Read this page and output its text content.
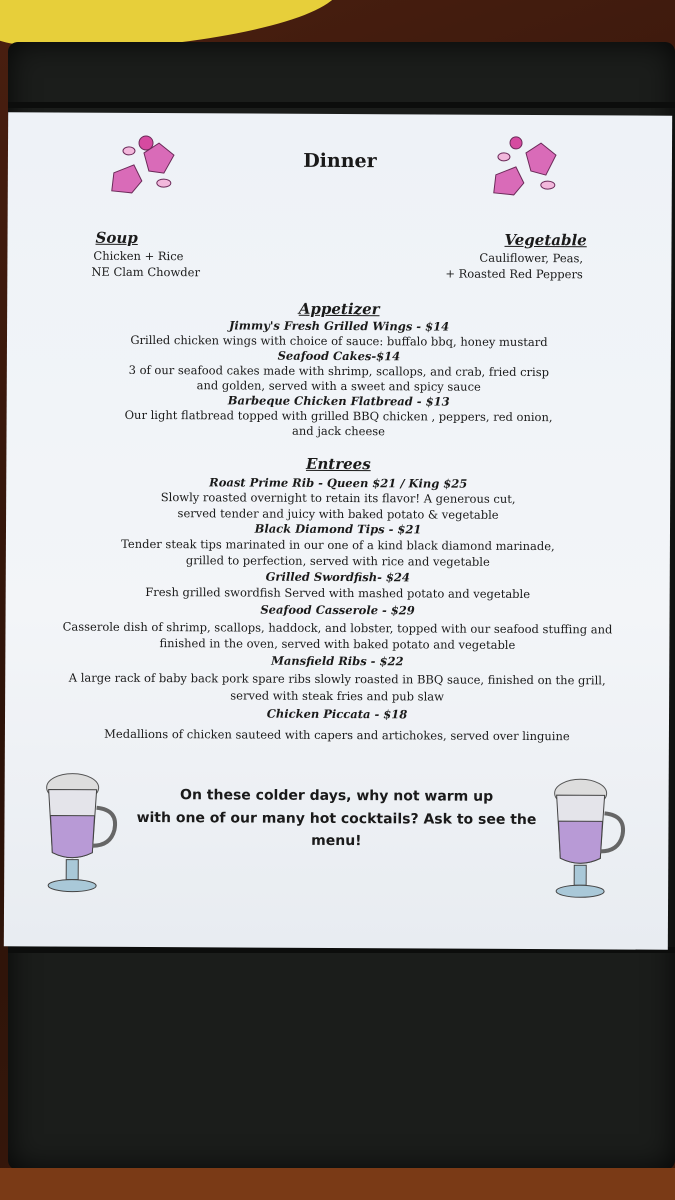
Dinner
Soup
Chicken + Rice
NE Clam Chowder
Vegetable
Cauliflower, Peas,
+ Roasted Red Peppers
Appetizer
Jimmy's Fresh Grilled Wings - $14
Grilled chicken wings with choice of sauce: buffalo bbq, honey mustard
Seafood Cakes-$14
3 of our seafood cakes made with shrimp, scallops, and crab, fried crisp
and golden, served with a sweet and spicy sauce
Barbeque Chicken Flatbread - $13
Our light flatbread topped with grilled BBQ chicken , peppers, red onion,
and jack cheese
Entrees
Roast Prime Rib - Queen $21 / King $25
Slowly roasted overnight to retain its flavor! A generous cut,
served tender and juicy with baked potato & vegetable
Black Diamond Tips - $21
Tender steak tips marinated in our one of a kind black diamond marinade,
grilled to perfection, served with rice and vegetable
Grilled Swordfish- $24
Fresh grilled swordfish Served with mashed potato and vegetable
Seafood Casserole - $29
Casserole dish of shrimp, scallops, haddock, and lobster, topped with our seafood stuffing and
finished in the oven, served with baked potato and vegetable
Mansfield Ribs - $22
A large rack of baby back pork spare ribs slowly roasted in BBQ sauce, finished on the grill,
served with steak fries and pub slaw
Chicken Piccata - $18
Medallions of chicken sauteed with capers and artichokes, served over linguine
On these colder days, why not warm up
with one of our many hot cocktails? Ask to see the
menu!
